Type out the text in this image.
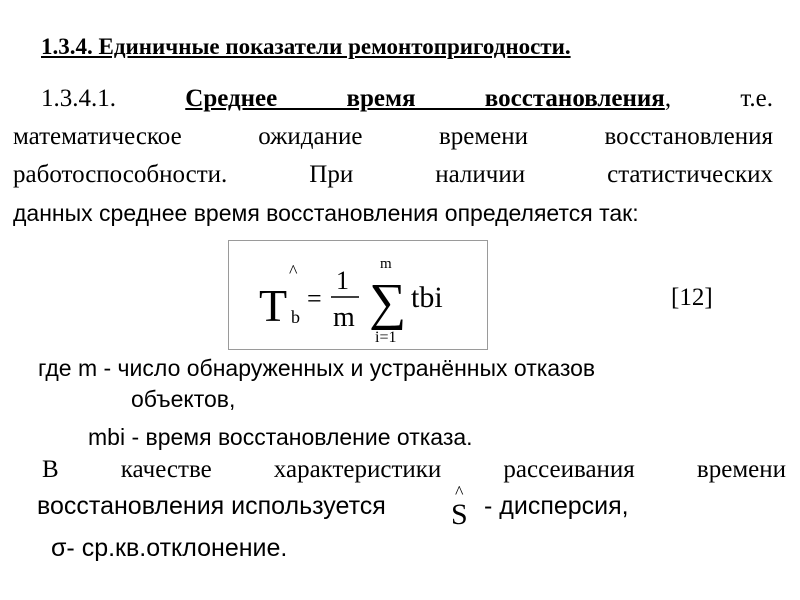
1.3.4. Единичные показатели ремонтопригодности.
1.3.4.1.	Среднее время восстановления, т.е.
математическое ожидание времени восстановления
работоспособности. При наличии статистических
данных среднее время восстановления определяется так:
T
^
b
=
1
m
m
∑
i=1
tbi	[12]
где m - число обнаруженных и устранённых отказов
объектов,
mbi - время восстановление отказа.
В качестве характеристики рассеивания времени
восстановления используется	^
S - дисперсия,
σ- ср.кв.отклонение.
